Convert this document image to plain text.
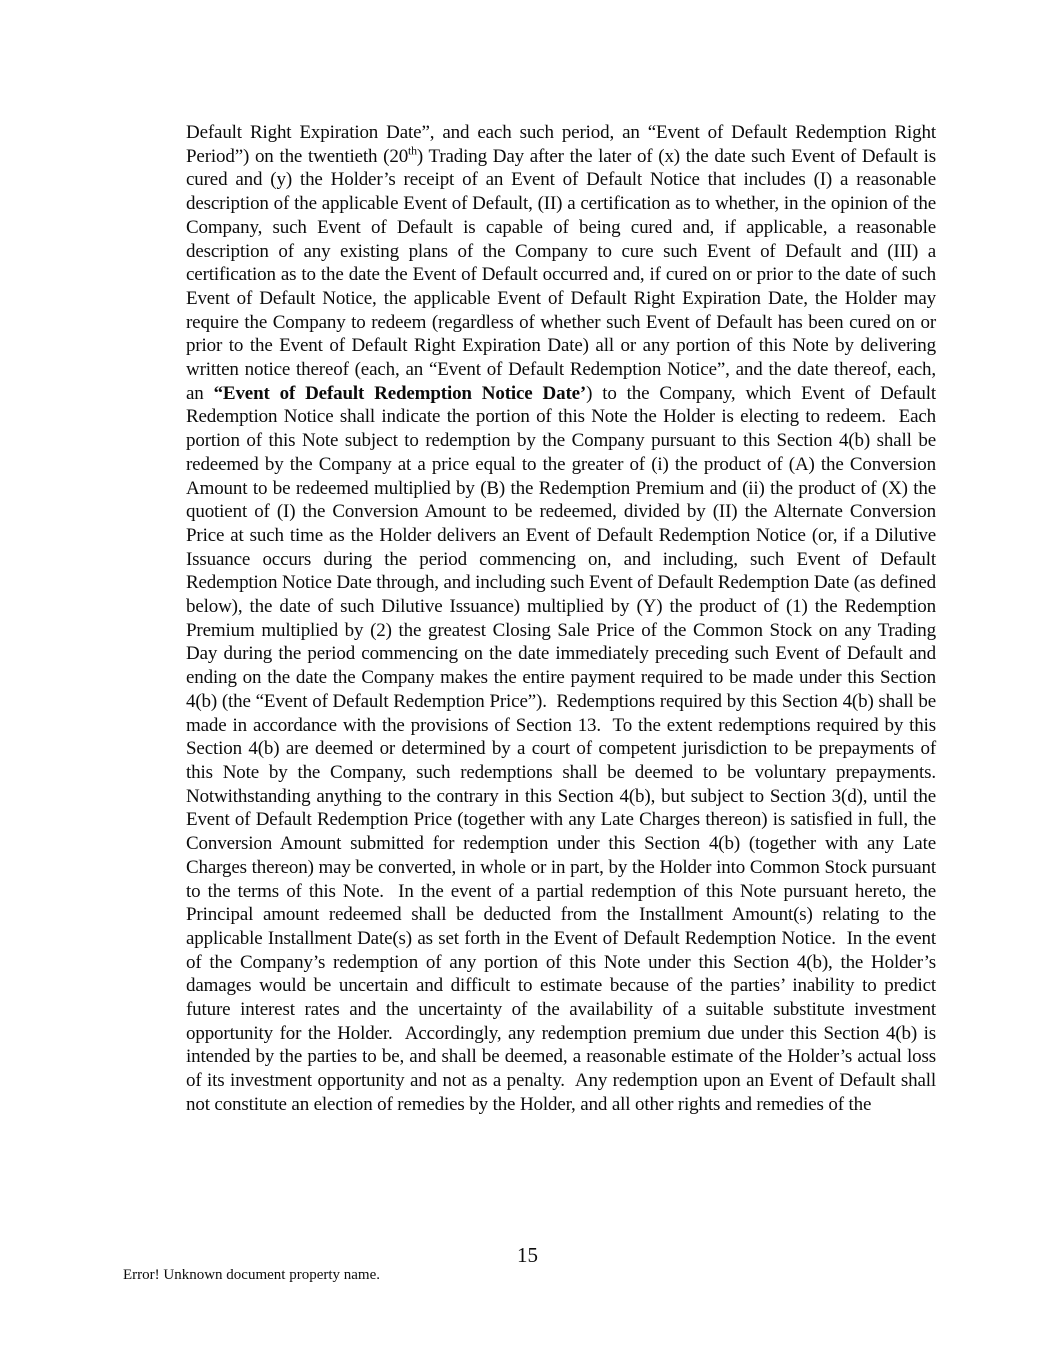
Default Right Expiration Date”, and each such period, an “Event of Default Redemption Right Period”) on the twentieth (20th) Trading Day after the later of (x) the date such Event of Default is cured and (y) the Holder’s receipt of an Event of Default Notice that includes (I) a reasonable description of the applicable Event of Default, (II) a certification as to whether, in the opinion of the Company, such Event of Default is capable of being cured and, if applicable, a reasonable description of any existing plans of the Company to cure such Event of Default and (III) a certification as to the date the Event of Default occurred and, if cured on or prior to the date of such Event of Default Notice, the applicable Event of Default Right Expiration Date, the Holder may require the Company to redeem (regardless of whether such Event of Default has been cured on or prior to the Event of Default Right Expiration Date) all or any portion of this Note by delivering written notice thereof (each, an “Event of Default Redemption Notice”, and the date thereof, each, an “Event of Default Redemption Notice Date’) to the Company, which Event of Default Redemption Notice shall indicate the portion of this Note the Holder is electing to redeem.  Each portion of this Note subject to redemption by the Company pursuant to this Section 4(b) shall be redeemed by the Company at a price equal to the greater of (i) the product of (A) the Conversion Amount to be redeemed multiplied by (B) the Redemption Premium and (ii) the product of (X) the quotient of (I) the Conversion Amount to be redeemed, divided by (II) the Alternate Conversion Price at such time as the Holder delivers an Event of Default Redemption Notice (or, if a Dilutive Issuance occurs during the period commencing on, and including, such Event of Default Redemption Notice Date through, and including such Event of Default Redemption Date (as defined below), the date of such Dilutive Issuance) multiplied by (Y) the product of (1) the Redemption Premium multiplied by (2) the greatest Closing Sale Price of the Common Stock on any Trading Day during the period commencing on the date immediately preceding such Event of Default and ending on the date the Company makes the entire payment required to be made under this Section 4(b) (the “Event of Default Redemption Price”).  Redemptions required by this Section 4(b) shall be made in accordance with the provisions of Section 13.  To the extent redemptions required by this Section 4(b) are deemed or determined by a court of competent jurisdiction to be prepayments of this Note by the Company, such redemptions shall be deemed to be voluntary prepayments.  Notwithstanding anything to the contrary in this Section 4(b), but subject to Section 3(d), until the Event of Default Redemption Price (together with any Late Charges thereon) is satisfied in full, the Conversion Amount submitted for redemption under this Section 4(b) (together with any Late Charges thereon) may be converted, in whole or in part, by the Holder into Common Stock pursuant to the terms of this Note.  In the event of a partial redemption of this Note pursuant hereto, the Principal amount redeemed shall be deducted from the Installment Amount(s) relating to the applicable Installment Date(s) as set forth in the Event of Default Redemption Notice.  In the event of the Company’s redemption of any portion of this Note under this Section 4(b), the Holder’s damages would be uncertain and difficult to estimate because of the parties’ inability to predict future interest rates and the uncertainty of the availability of a suitable substitute investment opportunity for the Holder.  Accordingly, any redemption premium due under this Section 4(b) is intended by the parties to be, and shall be deemed, a reasonable estimate of the Holder’s actual loss of its investment opportunity and not as a penalty.  Any redemption upon an Event of Default shall not constitute an election of remedies by the Holder, and all other rights and remedies of the

15
Error! Unknown document property name.
